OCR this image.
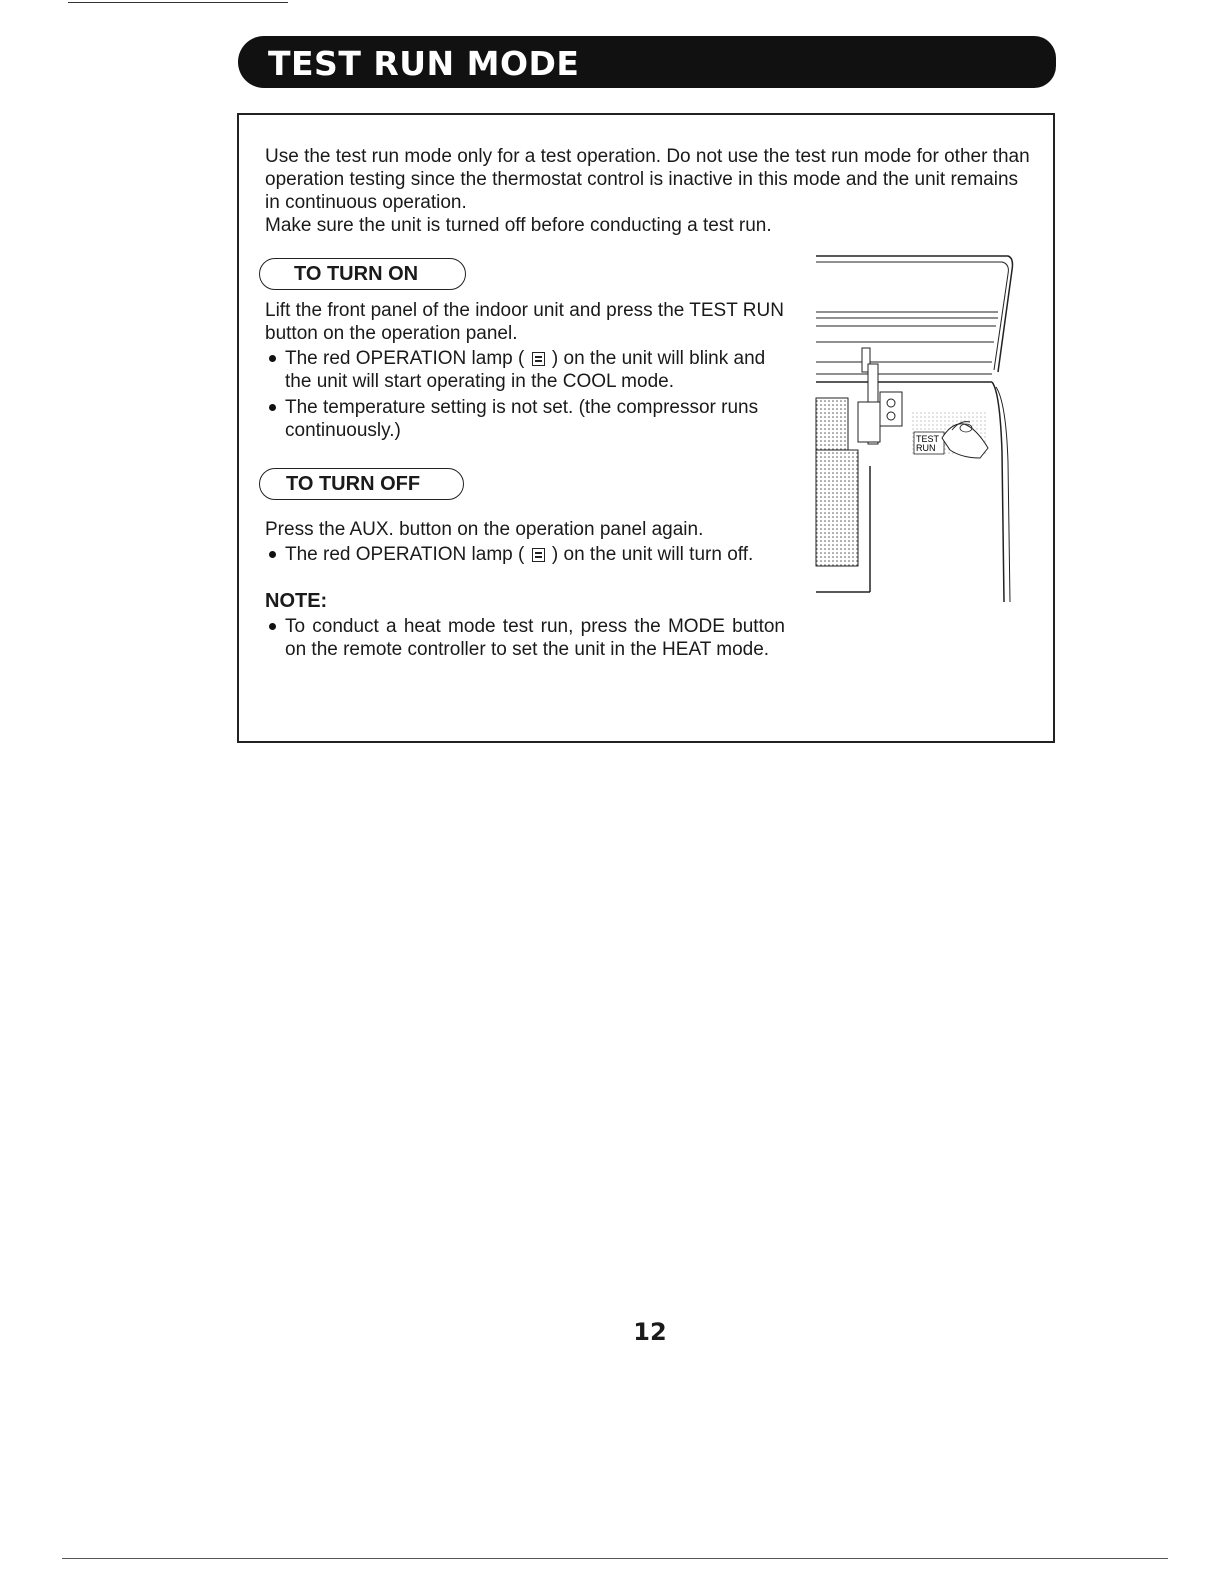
TEST RUN MODE

Use the test run mode only for a test operation. Do not use the test run mode for other than operation testing since the thermostat control is inactive in this mode and the unit remains in continuous operation.

Make sure the unit is turned off before conducting a test run.

TO TURN ON

Lift the front panel of the indoor unit and press the TEST RUN button on the operation panel.

The red OPERATION lamp ( ) on the unit will blink and the unit will start operating in the COOL mode.
The temperature setting is not set. (the compressor runs continuously.)
TO TURN OFF

Press the AUX. button on the operation panel again.

The red OPERATION lamp ( ) on the unit will turn off.

NOTE:

To conduct a heat mode test run, press the MODE button on the remote controller to set the unit in the HEAT mode.
TEST
RUN
12
